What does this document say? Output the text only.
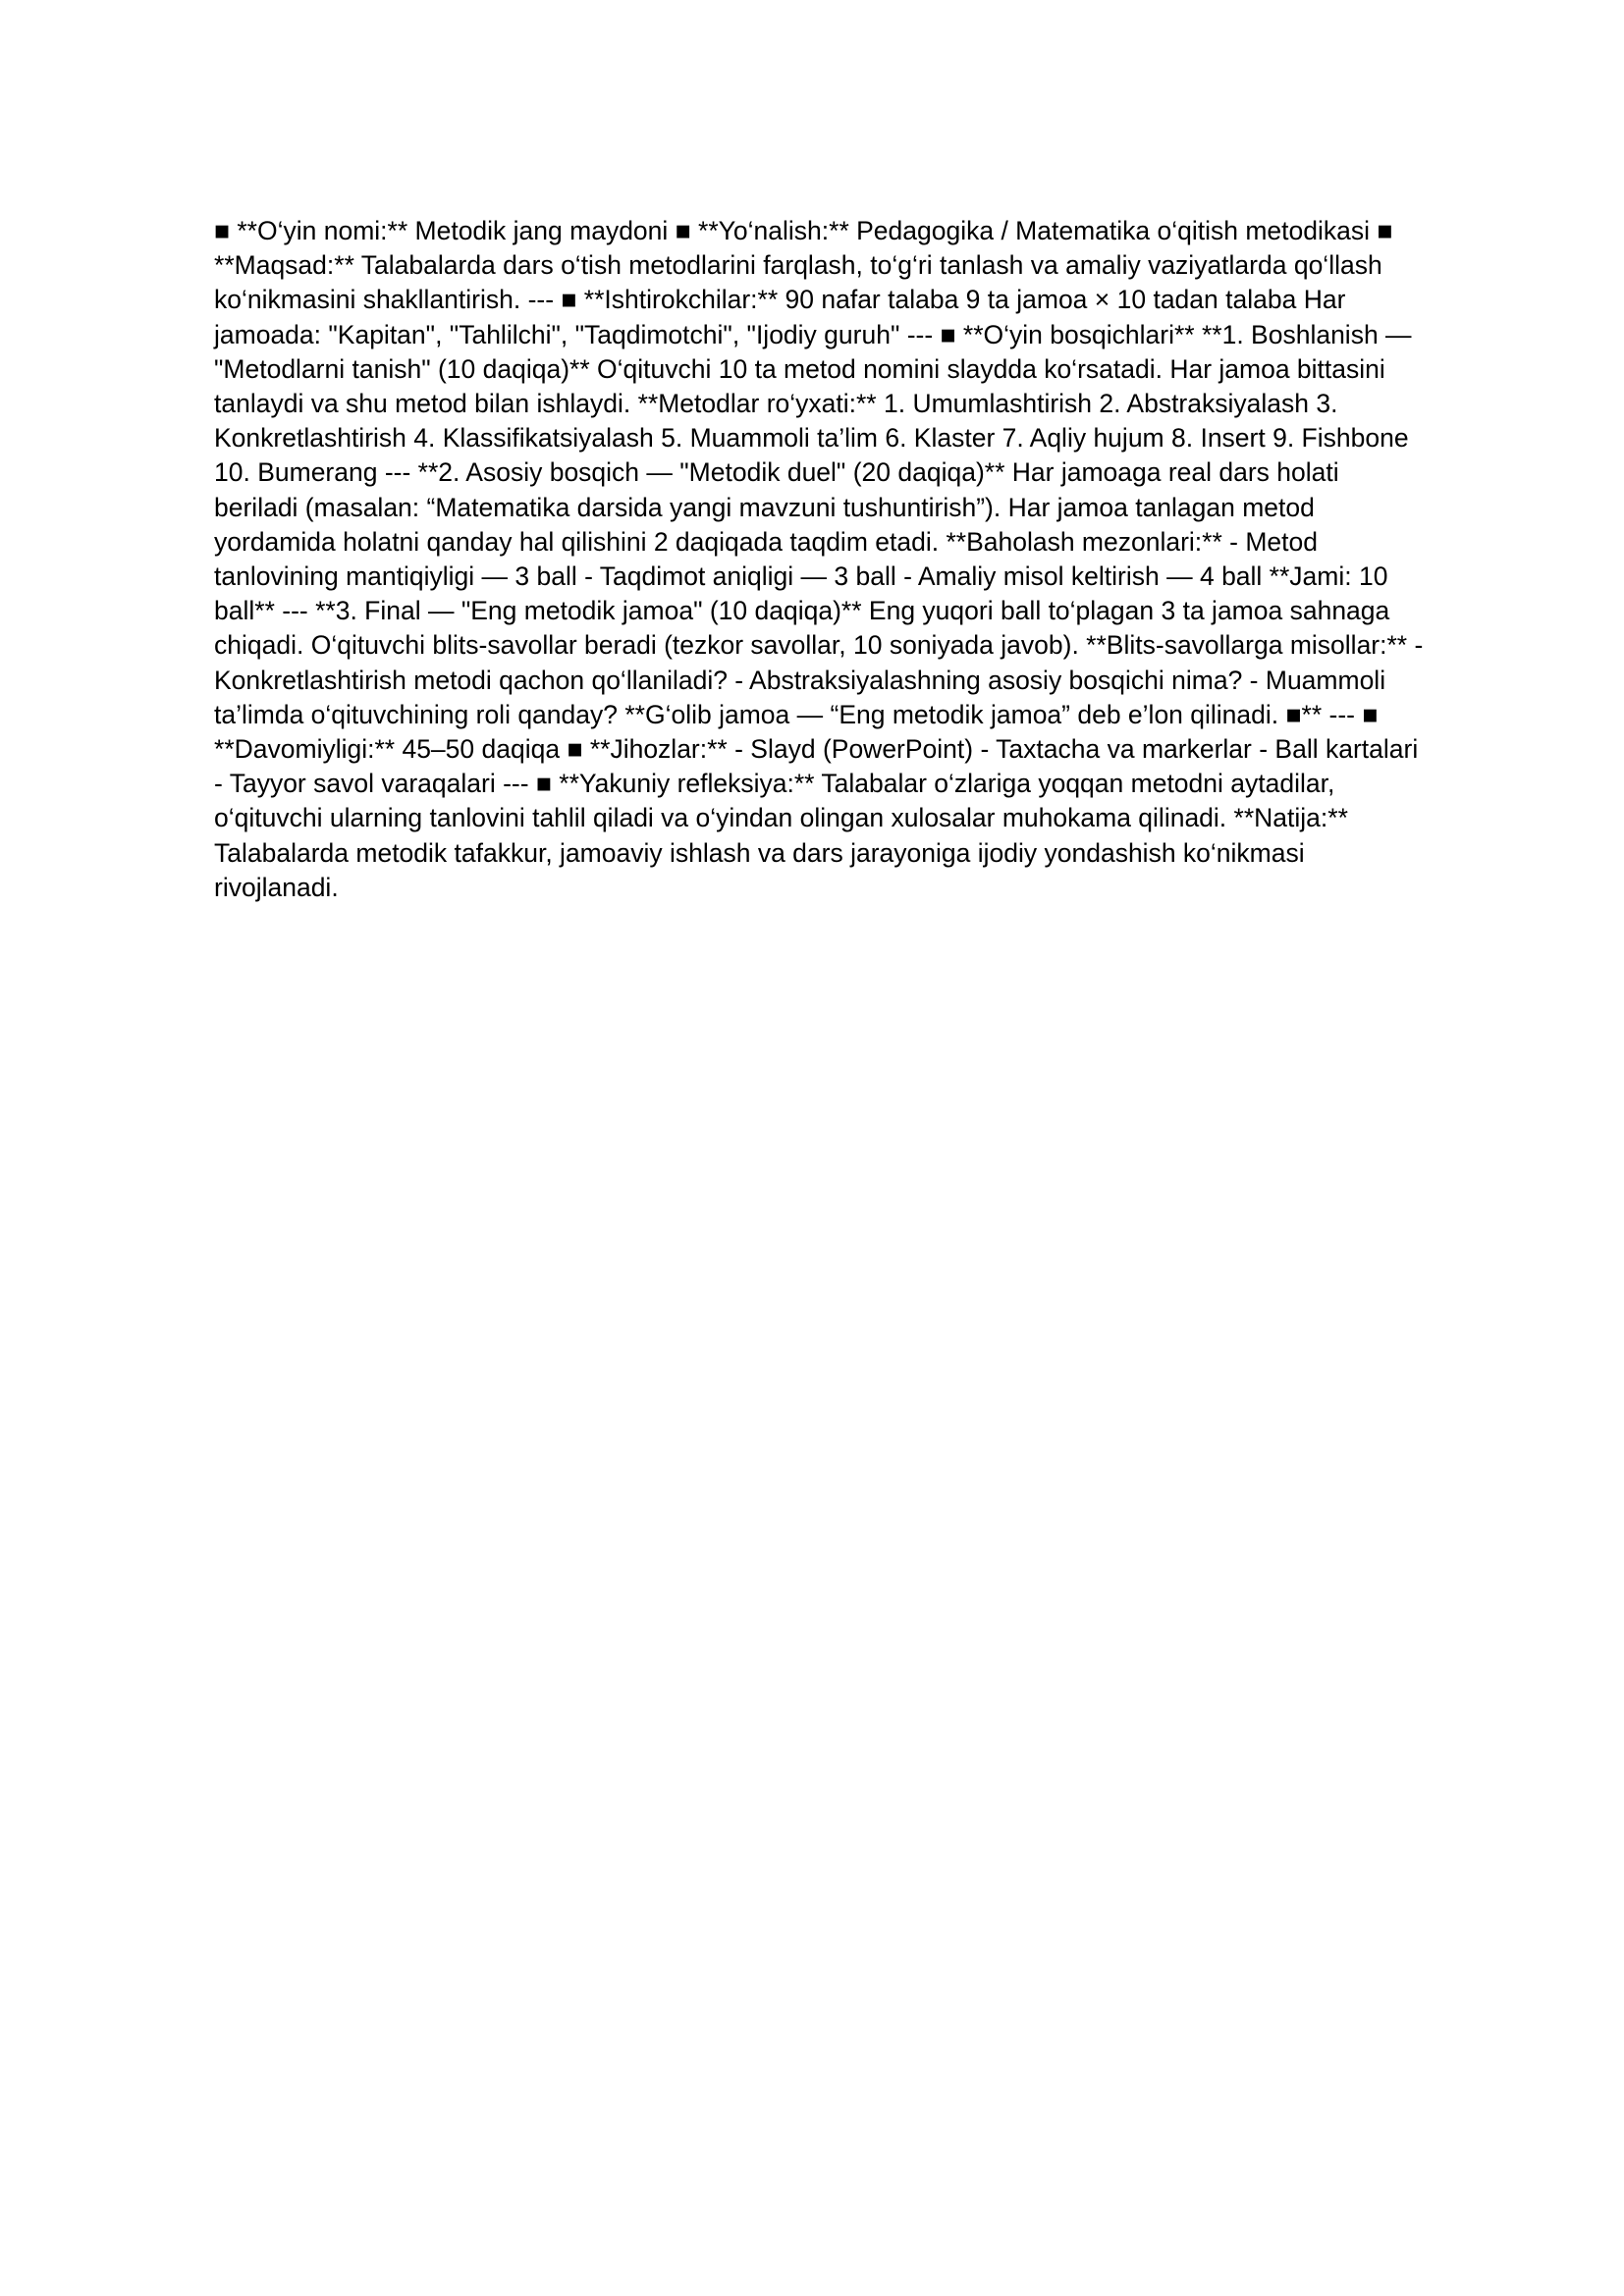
■ **O‘yin nomi:** Metodik jang maydoni ■ **Yo‘nalish:** Pedagogika / Matematika o‘qitish metodikasi ■ **Maqsad:** Talabalarda dars o‘tish metodlarini farqlash, to‘g‘ri tanlash va amaliy vaziyatlarda qo‘llash ko‘nikmasini shakllantirish. --- ■ **Ishtirokchilar:** 90 nafar talaba 9 ta jamoa × 10 tadan talaba Har jamoada: "Kapitan", "Tahlilchi", "Taqdimotchi", "Ijodiy guruh" --- ■ **O‘yin bosqichlari** **1. Boshlanish — "Metodlarni tanish" (10 daqiqa)** O‘qituvchi 10 ta metod nomini slaydda ko‘rsatadi. Har jamoa bittasini tanlaydi va shu metod bilan ishlaydi. **Metodlar ro‘yxati:** 1. Umumlashtirish 2. Abstraksiyalash 3. Konkretlashtirish 4. Klassifikatsiyalash 5. Muammoli ta’lim 6. Klaster 7. Aqliy hujum 8. Insert 9. Fishbone 10. Bumerang --- **2. Asosiy bosqich — "Metodik duel" (20 daqiqa)** Har jamoaga real dars holati beriladi (masalan: “Matematika darsida yangi mavzuni tushuntirish”). Har jamoa tanlagan metod yordamida holatni qanday hal qilishini 2 daqiqada taqdim etadi. **Baholash mezonlari:** - Metod tanlovining mantiqiyligi — 3 ball - Taqdimot aniqligi — 3 ball - Amaliy misol keltirish — 4 ball **Jami: 10 ball** --- **3. Final — "Eng metodik jamoa" (10 daqiqa)** Eng yuqori ball to‘plagan 3 ta jamoa sahnaga chiqadi. O‘qituvchi blits-savollar beradi (tezkor savollar, 10 soniyada javob). **Blits-savollarga misollar:** - Konkretlashtirish metodi qachon qo‘llaniladi? - Abstraksiyalashning asosiy bosqichi nima? - Muammoli ta’limda o‘qituvchining roli qanday? **G‘olib jamoa — “Eng metodik jamoa” deb e’lon qilinadi. ■** --- ■ **Davomiyligi:** 45–50 daqiqa ■ **Jihozlar:** - Slayd (PowerPoint) - Taxtacha va markerlar - Ball kartalari - Tayyor savol varaqalari --- ■ **Yakuniy refleksiya:** Talabalar o‘zlariga yoqqan metodni aytadilar, o‘qituvchi ularning tanlovini tahlil qiladi va o‘yindan olingan xulosalar muhokama qilinadi. **Natija:** Talabalarda metodik tafakkur, jamoaviy ishlash va dars jarayoniga ijodiy yondashish ko‘nikmasi rivojlanadi.
